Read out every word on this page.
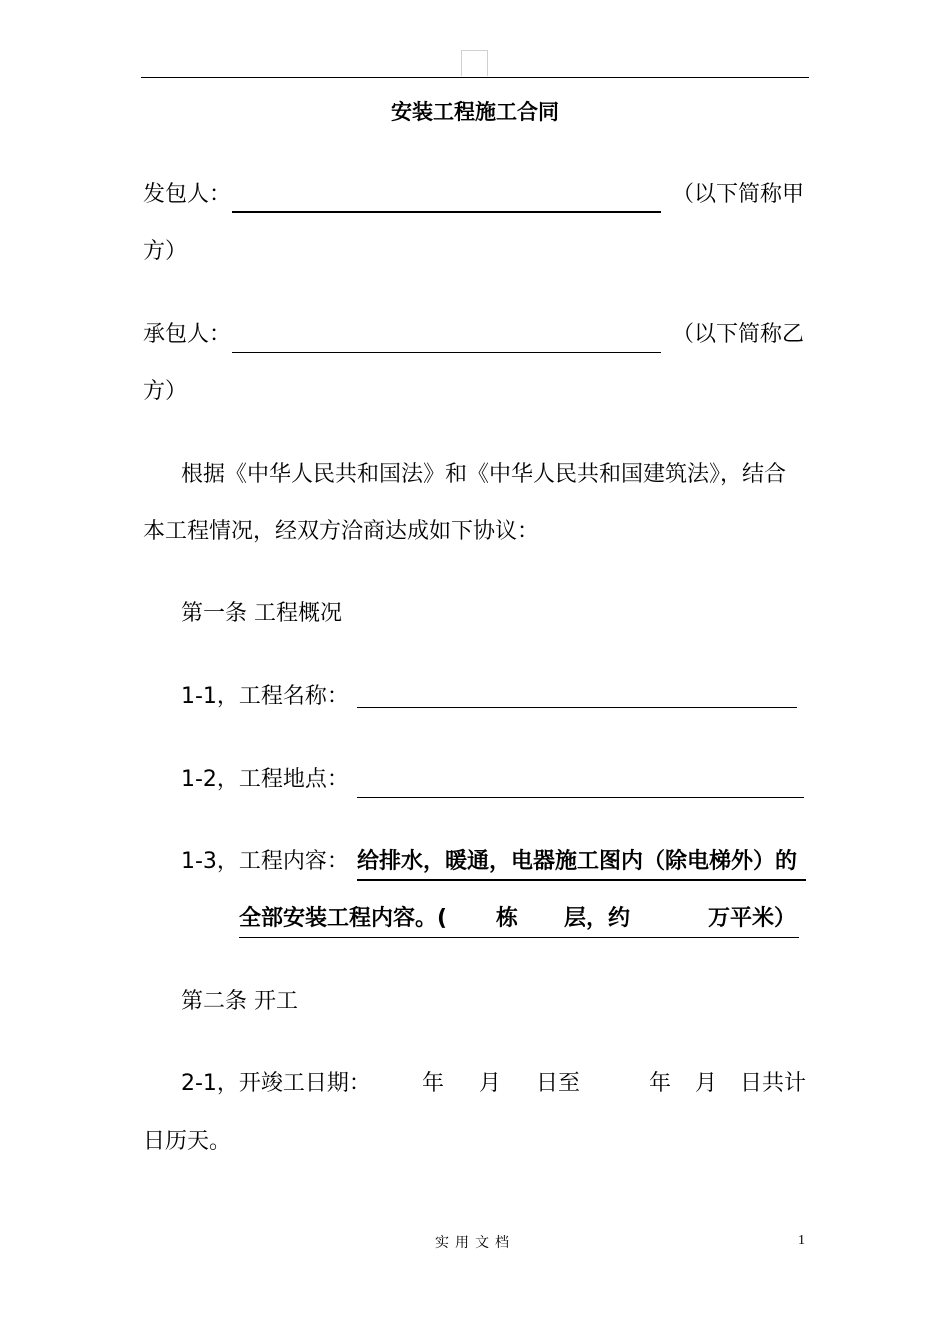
安装工程施工合同
发包人：	（以下简称甲
方）
承包人：	（以下简称乙
方）
根据《中华人民共和国法》和《中华人民共和国建筑法》，结合
本工程情况，经双方洽商达成如下协议：
第一条 工程概况
1-1，工程名称：
1-2，工程地点：
1-3，工程内容： 给排水，暖通，电器施工图内（除电梯外）的
全部安装工程内容。( 栋 层，约	万平米）
第二条 开工
2-1，开竣工日期： 年 月 日至	年 月 日共计
日历天。
实用文档	1
